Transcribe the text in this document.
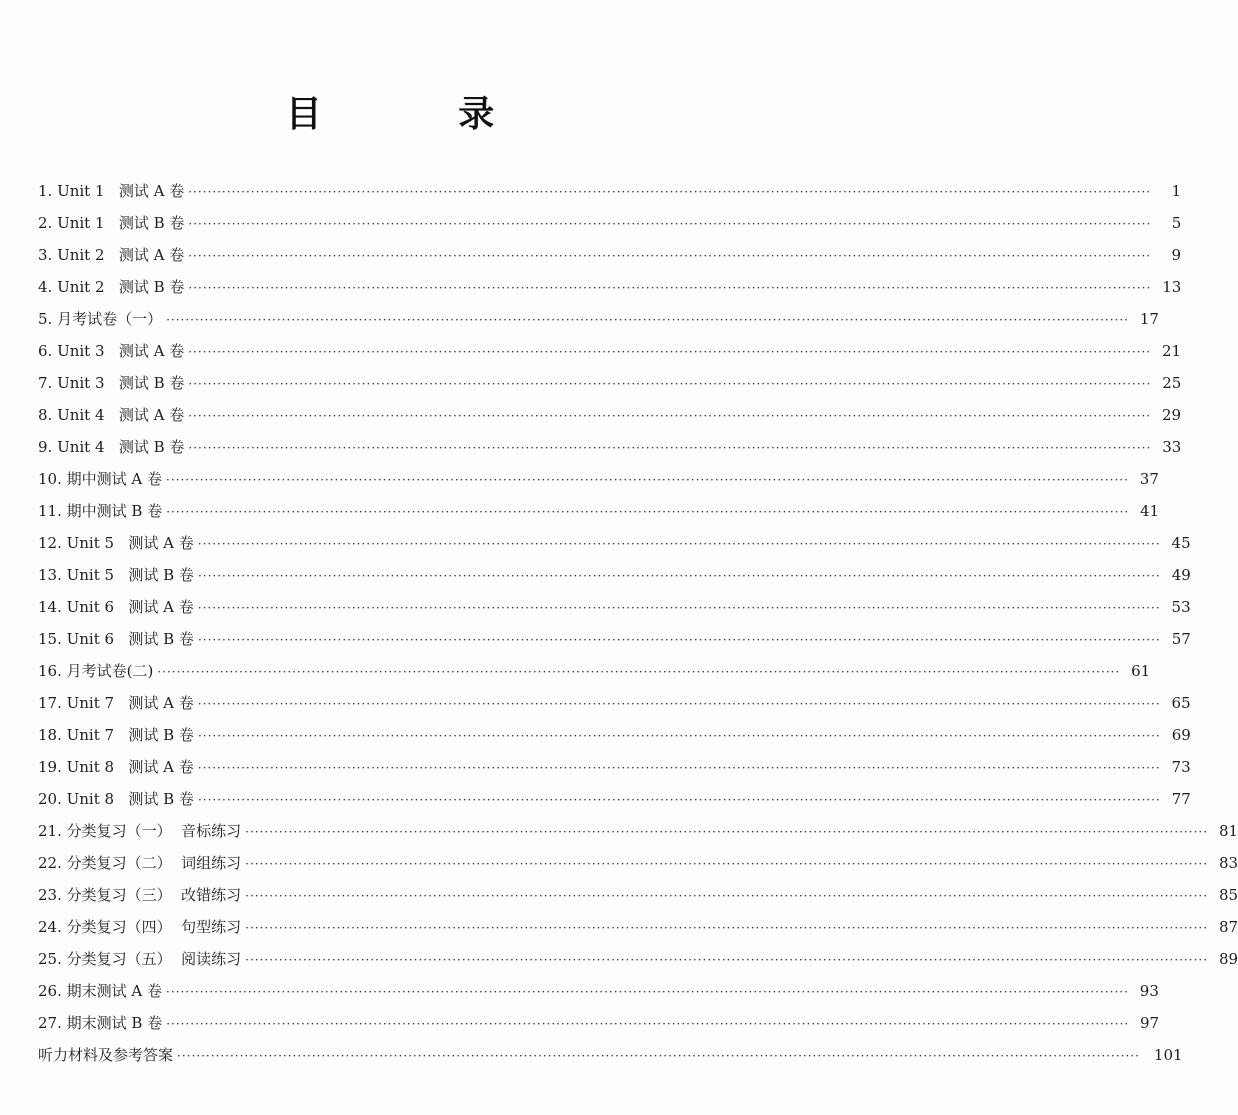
目 录
1. Unit 1   测试 A 卷 ········································································································································································································	1
2. Unit 1   测试 B 卷 ········································································································································································································	5
3. Unit 2   测试 A 卷 ········································································································································································································	9
4. Unit 2   测试 B 卷 ········································································································································································································ 13
5. 月考试卷（一） ········································································································································································································ 17
6. Unit 3   测试 A 卷 ········································································································································································································ 21
7. Unit 3   测试 B 卷 ········································································································································································································ 25
8. Unit 4   测试 A 卷 ········································································································································································································ 29
9. Unit 4   测试 B 卷 ········································································································································································································ 33
10. 期中测试 A 卷 ········································································································································································································ 37
11. 期中测试 B 卷 ········································································································································································································ 41
12. Unit 5   测试 A 卷 ········································································································································································································ 45
13. Unit 5   测试 B 卷 ········································································································································································································ 49
14. Unit 6   测试 A 卷 ········································································································································································································ 53
15. Unit 6   测试 B 卷 ········································································································································································································ 57
16. 月考试卷(二) ········································································································································································································ 61
17. Unit 7   测试 A 卷 ········································································································································································································ 65
18. Unit 7   测试 B 卷 ········································································································································································································ 69
19. Unit 8   测试 A 卷 ········································································································································································································ 73
20. Unit 8   测试 B 卷 ········································································································································································································ 77
21. 分类复习（一）  音标练习 ········································································································································································································ 81
22. 分类复习（二）  词组练习 ········································································································································································································ 83
23. 分类复习（三）  改错练习 ········································································································································································································ 85
24. 分类复习（四）  句型练习 ········································································································································································································ 87
25. 分类复习（五）  阅读练习 ········································································································································································································ 89
26. 期末测试 A 卷 ········································································································································································································ 93
27. 期末测试 B 卷 ········································································································································································································ 97
听力材料及参考答案 ········································································································································································································ 101
